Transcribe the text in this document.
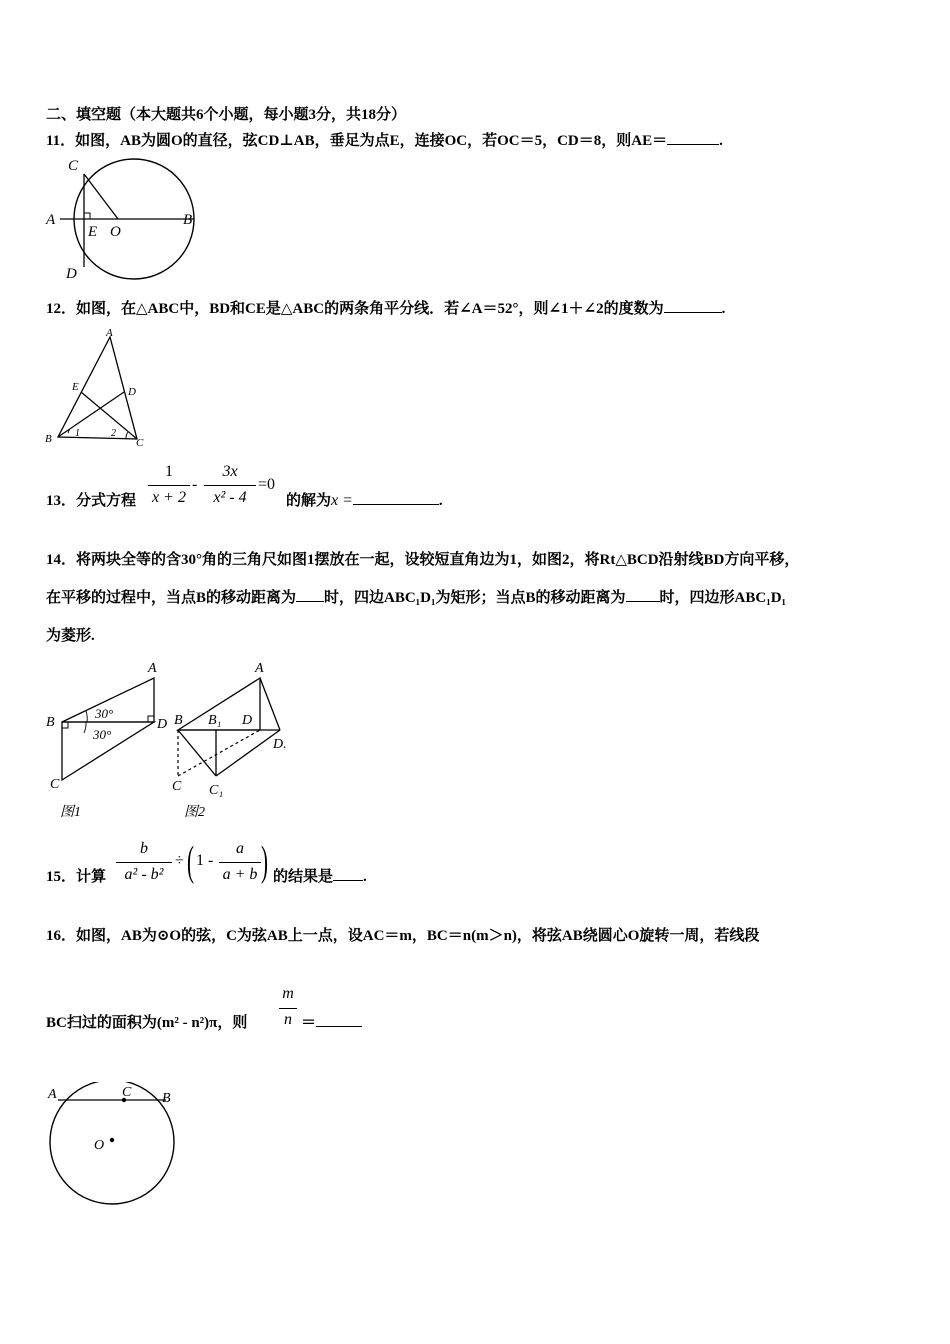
二、填空题（本大题共6个小题，每小题3分，共18分）
11．如图，AB为圆O的直径，弦CD⊥AB，垂足为点E，连接OC，若OC＝5，CD＝8，则AE＝	.
C
A
E O
B
D
12．如图，在△ABC中，BD和CE是△ABC的两条角平分线．若∠A＝52°，则∠1＋∠2的度数为	.
A
E	D
B 1	2
C
13．分式方程
1
x + 2
-
3x
x² - 4
=0
的解为x =	.
14．将两块全等的含30°角的三角尺如图1摆放在一起，设较短直角边为1，如图2，将Rt△BCD沿射线BD方向平移，
在平移的过程中，当点B的移动距离为 时，四边ABC₁D₁为矩形；当点B的移动距离为 时，四边形ABC₁D₁
为菱形.
A
B	D
C
30°
30°
图1
A
B B₁ D
D.
C C₁
图2
15．计算
b
a² - b²
÷ ( 1 -
a
a + b ) 的结果是 .
16．如图，AB为⊙O的弦，C为弦AB上一点，设AC＝m，BC＝n(m＞n)，将弦AB绕圆心O旋转一周，若线段
BC扫过的面积为(m² - n²)π，则
m
n ＝
A	C B
O
